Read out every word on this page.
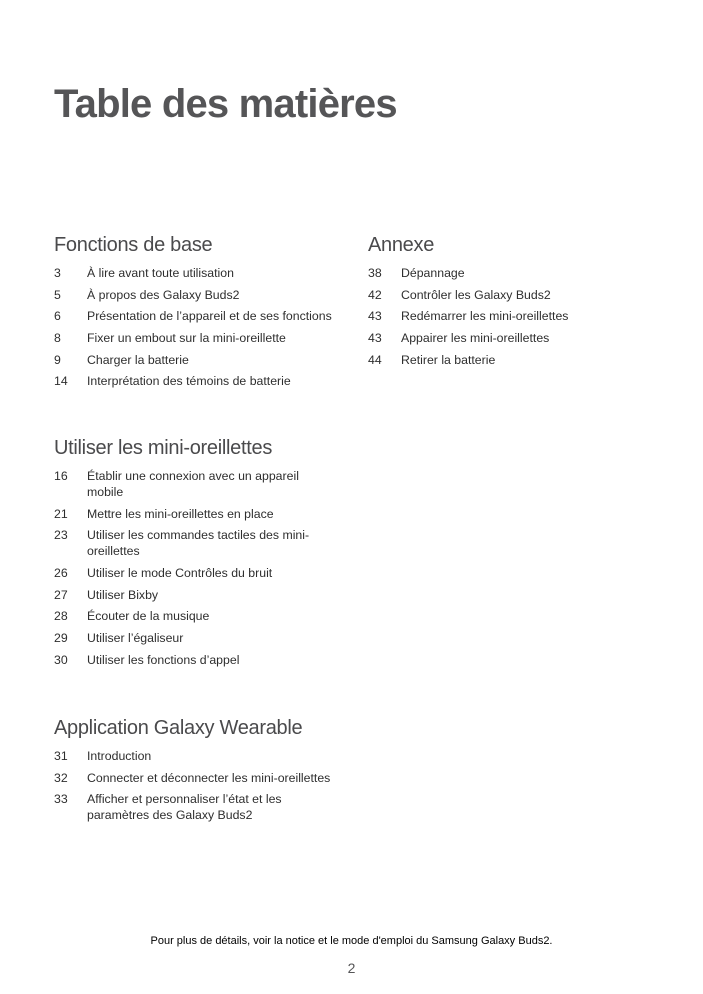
Table des matières
Fonctions de base
3	À lire avant toute utilisation
5	À propos des Galaxy Buds2
6	Présentation de l’appareil et de ses fonctions
8	Fixer un embout sur la mini-oreillette
9	Charger la batterie
14	Interprétation des témoins de batterie
Utiliser les mini-oreillettes
16	Établir une connexion avec un appareil mobile
21	Mettre les mini-oreillettes en place
23	Utiliser les commandes tactiles des mini-oreillettes
26	Utiliser le mode Contrôles du bruit
27	Utiliser Bixby
28	Écouter de la musique
29	Utiliser l’égaliseur
30	Utiliser les fonctions d’appel
Application Galaxy Wearable
31	Introduction
32	Connecter et déconnecter les mini-oreillettes
33	Afficher et personnaliser l’état et les paramètres des Galaxy Buds2
Annexe
38	Dépannage
42	Contrôler les Galaxy Buds2
43	Redémarrer les mini-oreillettes
43	Appairer les mini-oreillettes
44	Retirer la batterie
Pour plus de détails, voir la notice et le mode d'emploi du Samsung Galaxy Buds2.
2
